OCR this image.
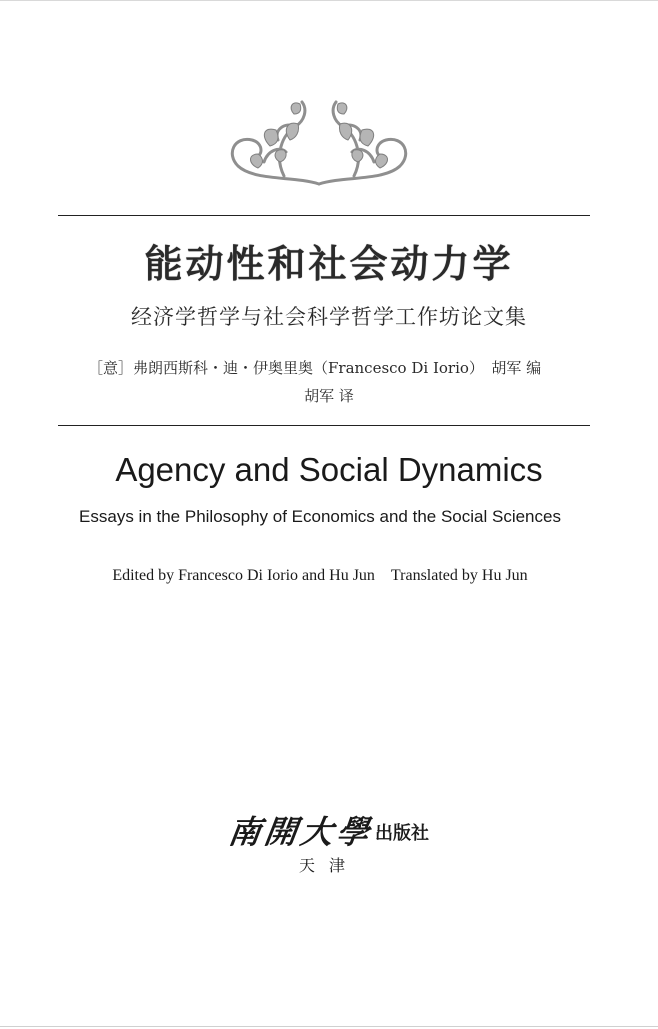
能动性和社会动力学
经济学哲学与社会科学哲学工作坊论文集
［意］弗朗西斯科・迪・伊奥里奥（Francesco Di Iorio）　胡军 编
胡军 译
Agency and Social Dynamics
Essays in the Philosophy of Economics and the Social Sciences
Edited by Francesco Di Iorio and Hu Jun Translated by Hu Jun
南開大學出版社
天津
